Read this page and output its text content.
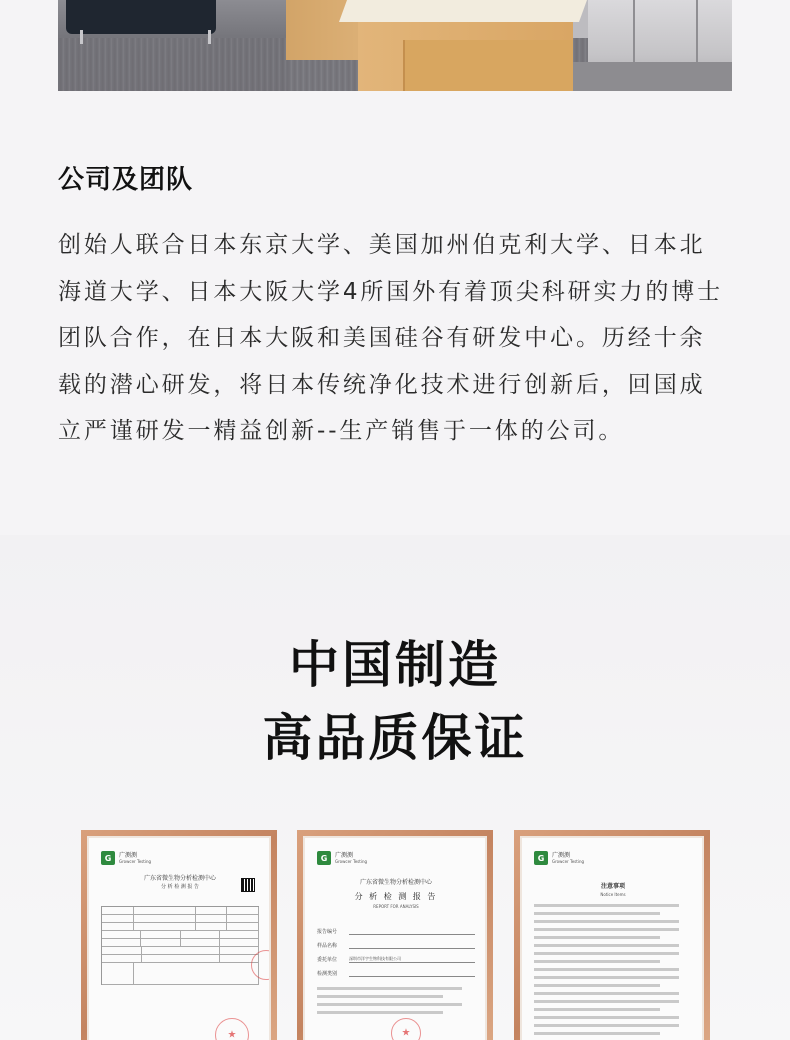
公司及团队
创始人联合日本东京大学、美国加州伯克利大学、日本北
海道大学、日本大阪大学4所国外有着顶尖科研实力的博士
团队合作，在日本大阪和美国硅谷有研发中心。历经十余
载的潜心研发，将日本传统净化技术进行创新后，回国成
立严谨研发一精益创新--生产销售于一体的公司。
中国制造
高品质保证
G	广测测
Growcer Testing
广东省微生物分析检测中心
分 析 检 测 报 告
★
G	广测测
Growcer Testing
广东省微生物分析检测中心
分 析 检 测 报 告
REPORT FOR ANALYSIS
报告编号
样品名称
委托单位	深圳市洋宇生物科技有限公司
检测类别
★
G	广测测
Growcer Testing
注意事项
Notice Items
